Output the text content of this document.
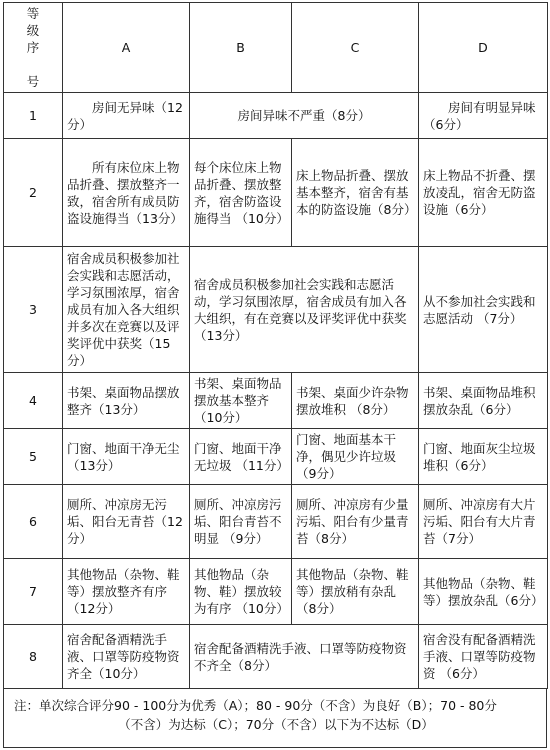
等
级
序

号	A	B	C	D
1	房间无异味（12分）	房间异味不严重（8分）		房间有明显异味（6分）
2	所有床位床上物品折叠、摆放整齐一致，宿舍所有成员防盗设施得当（13分）	每个床位床上物品折叠、摆放整齐，宿舍防盗设施得当 （10分）	床上物品折叠、摆放基本整齐，宿舍有基本的防盗设施（8分）	床上物品不折叠、摆放凌乱，宿舍无防盗设施（6分）
3	宿舍成员积极参加社会实践和志愿活动，学习氛围浓厚，宿舍成员有加入各大组织并多次在竞赛以及评奖评优中获奖（15分）	宿舍成员积极参加社会实践和志愿活动，学习氛围浓厚，宿舍成员有加入各大组织，有在竞赛以及评奖评优中获奖（13分）		从不参加社会实践和志愿活动 （7分）
4	书架、桌面物品摆放整齐（13分）	书架、桌面物品摆放基本整齐（10分）	书架、桌面少许杂物摆放堆积 （8分）	书架、桌面物品堆积摆放杂乱（6分）
5	门窗、地面干净无尘（13分）	门窗、地面干净无垃圾 （11分）	门窗、地面基本干净，偶见少许垃圾 （9分）	门窗、地面灰尘垃圾堆积（6分）
6	厕所、冲凉房无污垢、阳台无青苔（12分）	厕所、冲凉房污垢、阳台青苔不明显 （9分）	厕所、冲凉房有少量污垢、阳台有少量青苔（8分）	厕所、冲凉房有大片污垢、阳台有大片青苔（7分）
7	其他物品（杂物、鞋等）摆放整齐有序（12分）	其他物品（杂物、鞋）摆放较为有序 （10分）	其他物品（杂物、鞋等）摆放稍有杂乱 （8分）	其他物品（杂物、鞋等）摆放杂乱（6分）
8	宿舍配备酒精洗手液、口罩等防疫物资齐全（10分）	宿舍配备酒精洗手液、口罩等防疫物资不齐全（8分）		宿舍没有配备酒精洗手液、口罩等防疫物资 （6分）
注：单次综合评分90 - 100分为优秀（A）；80 - 90分（不含）为良好（B）；70 - 80分
（不含）为达标（C）；70分（不含）以下为不达标（D）
